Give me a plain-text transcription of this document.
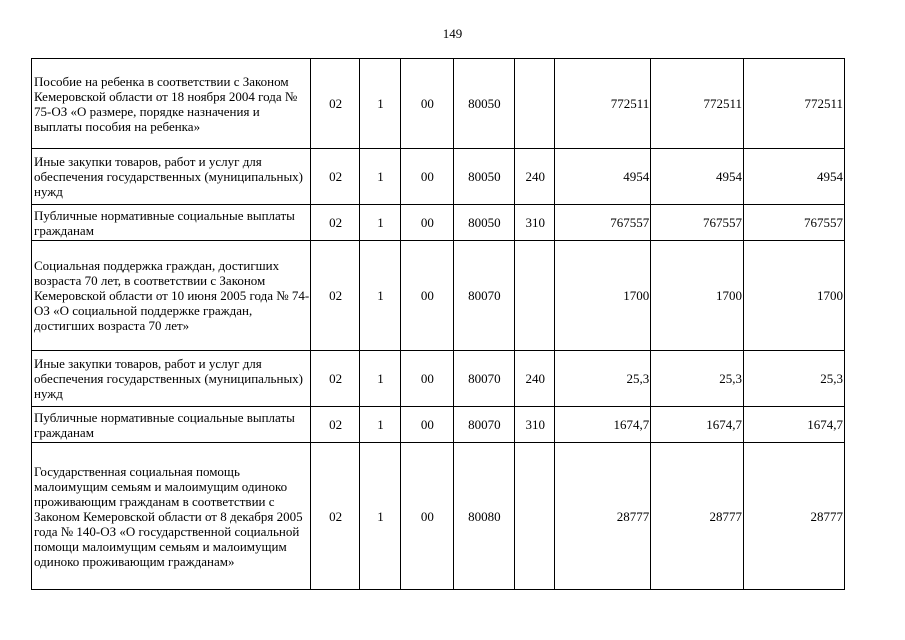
149
Пособие на ребенка в соответствии с Законом Кемеровской области от 18 ноября 2004 года № 75-ОЗ «О размере, порядке назначения и выплаты пособия на ребенка»	02	1	00	80050		772511	772511	772511
Иные закупки товаров, работ и услуг для обеспечения государственных (муниципальных) нужд	02	1	00	80050	240	4954	4954	4954
Публичные нормативные социальные выплаты гражданам	02	1	00	80050	310	767557	767557	767557
Социальная поддержка граждан, достигших возраста 70 лет, в соответствии с Законом Кемеровской области от 10 июня 2005 года № 74-ОЗ «О социальной поддержке граждан, достигших возраста 70 лет»	02	1	00	80070		1700	1700	1700
Иные закупки товаров, работ и услуг для обеспечения государственных (муниципальных) нужд	02	1	00	80070	240	25,3	25,3	25,3
Публичные нормативные социальные выплаты гражданам	02	1	00	80070	310	1674,7	1674,7	1674,7
Государственная социальная помощь малоимущим семьям и малоимущим одиноко проживающим гражданам в соответствии с Законом Кемеровской области от 8 декабря 2005 года № 140-ОЗ «О государственной социальной помощи малоимущим семьям и малоимущим одиноко проживающим гражданам»	02	1	00	80080		28777	28777	28777
